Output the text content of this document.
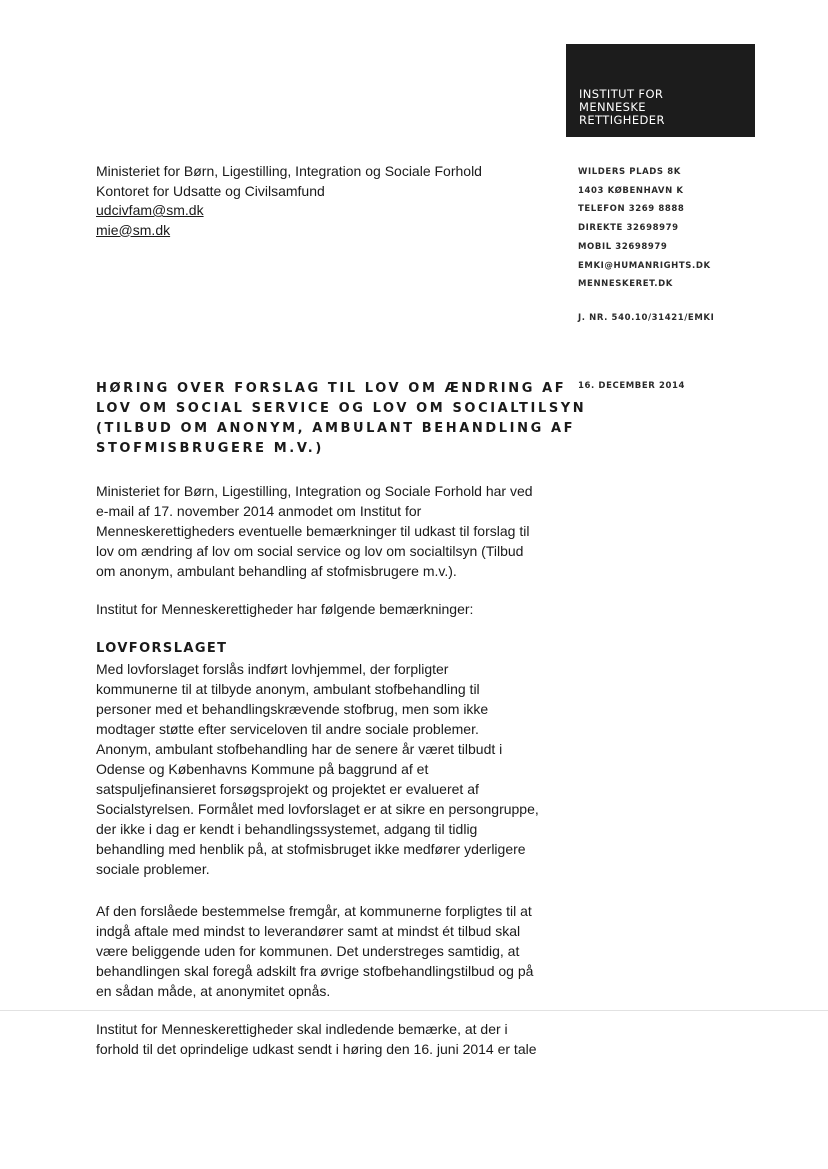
INSTITUT FOR
MENNESKE
RETTIGHEDER
Ministeriet for Børn, Ligestilling, Integration og Sociale Forhold
Kontoret for Udsatte og Civilsamfund
udcivfam@sm.dk
mie@sm.dk
WILDERS PLADS 8K
1403 KØBENHAVN K
TELEFON 3269 8888
DIREKTE 32698979
MOBIL 32698979
EMKI@HUMANRIGHTS.DK
MENNESKERET.DK
J. NR. 540.10/31421/EMKI
16. DECEMBER 2014
HØRING OVER FORSLAG TIL LOV OM ÆNDRING AF
LOV OM SOCIAL SERVICE OG LOV OM SOCIALTILSYN
(TILBUD OM ANONYM, AMBULANT BEHANDLING AF
STOFMISBRUGERE M.V.)
Ministeriet for Børn, Ligestilling, Integration og Sociale Forhold har ved
e-mail af 17. november 2014 anmodet om Institut for
Menneskerettigheders eventuelle bemærkninger til udkast til forslag til
lov om ændring af lov om social service og lov om socialtilsyn (Tilbud
om anonym, ambulant behandling af stofmisbrugere m.v.).
Institut for Menneskerettigheder har følgende bemærkninger:
LOVFORSLAGET
Med lovforslaget forslås indført lovhjemmel, der forpligter
kommunerne til at tilbyde anonym, ambulant stofbehandling til
personer med et behandlingskrævende stofbrug, men som ikke
modtager støtte efter serviceloven til andre sociale problemer.
Anonym, ambulant stofbehandling har de senere år været tilbudt i
Odense og Københavns Kommune på baggrund af et
satspuljefinansieret forsøgsprojekt og projektet er evalueret af
Socialstyrelsen. Formålet med lovforslaget er at sikre en persongruppe,
der ikke i dag er kendt i behandlingssystemet, adgang til tidlig
behandling med henblik på, at stofmisbruget ikke medfører yderligere
sociale problemer.
Af den forslåede bestemmelse fremgår, at kommunerne forpligtes til at
indgå aftale med mindst to leverandører samt at mindst ét tilbud skal
være beliggende uden for kommunen. Det understreges samtidig, at
behandlingen skal foregå adskilt fra øvrige stofbehandlingstilbud og på
en sådan måde, at anonymitet opnås.
Institut for Menneskerettigheder skal indledende bemærke, at der i
forhold til det oprindelige udkast sendt i høring den 16. juni 2014 er tale
